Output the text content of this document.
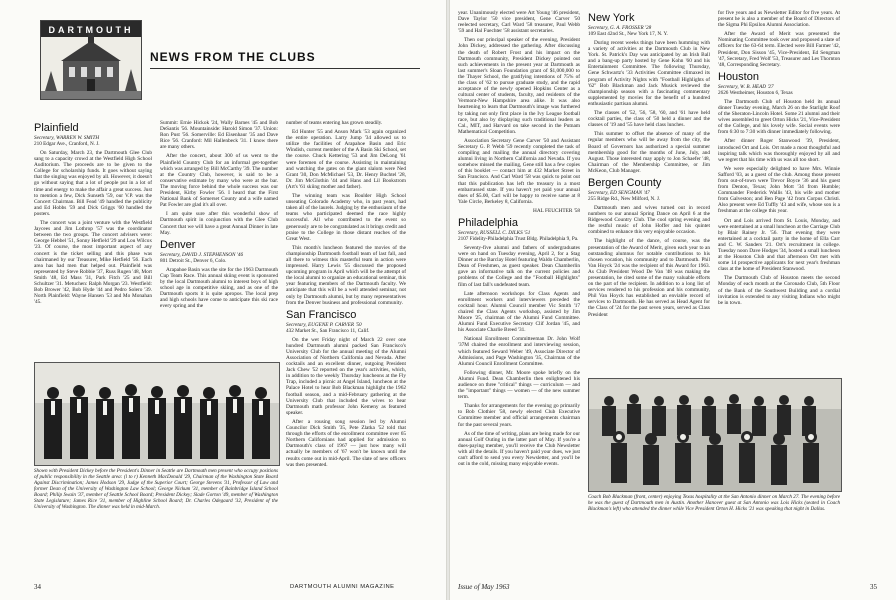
DARTMOUTH
NEWS FROM THE CLUBS
Plainfield
Secretary, WARREN W. SMITH
210 Edgar Ave., Cranford, N. J.

On Saturday, March 23, the Dartmouth Glee Club sang to a capacity crowd at the Westfield High School Auditorium. The proceeds are to be given to the College for scholarship funds. It goes without saying that the singing was enjoyed by all. However, it doesn't go without saying that a lot of people put in a lot of time and energy to make the affair a great success. Just to mention a few, Dick Sunseth '59, our V.P. was the Concert Chairman. Bill Fead '49 handled the publicity and Ed Hobbs '59 and Dick Griggs '60 handled the posters.

The concert was a joint venture with the Westfield Jaycees and Jim Lothrop '57 was the coordinator between the two groups. The concert advisers were: George Hebbel '51, Sonny Hetfield '29 and Lou Wilcox '23. Of course, the most important aspect of any concert is the ticket selling and this phase was chairmaned by our Treasurer, Mike Hetfield '56. Each area has had men that helped out. Plainfield was represented by Steve Robbie '37, Russ Rugen '48, Mort Smith '48, Ed Mass '31, Park Fitch '25 and Bill Schultzer '31. Metuchen: Ralph Morgan '23. Westfield: Bob Brower '42, Bob Hyde '44 and Pedro Solero '39. North Plainfield: Wayne Hansen '53 and Mo Monahan '45.

Summit: Ernie Hickok '24, Wally Barnes '45 and Bob DeSantis '56. Mountainside: Harold Simon '37. Union: Ron Pust '56. Somerville: Ed Eisenhaur '35 and Dave Rice '56. Cranford: Mil Hallenbeck '31. I know there are many others.

After the concert, about 300 of us went to the Plainfield Country Club for an informal get-together which was arranged by Bill McCarthy '39. The number at the Country Club, however, is said to be a conservative estimate by many who were at the bar. The moving force behind the whole success was our President, Kirby Fowler '56. I heard that the First National Bank of Somerset County and a wife named Pat Fowler are glad it's all over.

I am quite sure after this wonderful show of Dartmouth spirit in conjunction with the Glee Club Concert that we will have a great Annual Dinner in late May.

Denver
Secretary, DAVID J. STEPHENSON '46
801 Detroit St., Denver 6, Colo.

Arapahoe Basin was the site for the 1963 Dartmouth Cup Team Race. This annual skiing event is sponsored by the local Dartmouth alumni to interest boys of high school age in competitive skiing, and as one of the Dartmouth sports it is quite apropos. The local prep and high schools have come to anticipate this ski race every spring and the

number of teams entering has grown steadily.

Ed Hunter '55 and Anson Mark '53 again organized the entire operation. Larry Jump '34 allowed us to utilize the facilities of Arapahoe Basin and Eric Windish, current member of the A Basin Ski School, set the course. Chuck Kettering '53 and Jim DeLong '61 were foremen of the course. Assisting in maintaining and watching the gates on the giant slalom were Ned Grant '30, Don McMichael '53, Dr. Henry Buchtel '28, Dr. Jim McGlothin '44 and Hans and Lil Bookstrom (Art's '61 skiing mother and father).

The winning team was Boulder High School unseating Colorado Academy who, in past years, had taken all of the laurels. Judging by the enthusiasm of the teams who participated deemed the race highly successful. All who contributed to the event so generously are to be congratulated as it brings credit and praise to the College in those distant reaches of the Great West.

This month's luncheon featured the movies of the championship Dartmouth football team of last fall, and all there to witness this masterful team in action were impressed. Harry Lewis '55 discussed the proposed upcoming program in April which will be the attempt of the local alumni to organize an educational seminar, this year featuring members of the Dartmouth faculty. We anticipate that this will be a well attended seminar, not only by Dartmouth alumni, but by many representatives from the Denver business and professional community.

San Francisco
Secretary, EUGENE P. CARVER '50
432 Market St., San Francisco 11, Calif.

On the wet Friday night of March 22 over one hundred Dartmouth alumni packed San Francisco's University Club for the annual meeting of the Alumni Association of Northern California and Nevada. After cocktails and an excellent dinner, outgoing President Jack Chew '52 reported on the year's activities, which, in addition to the weekly Thursday luncheons at the Fly Trap, included a picnic at Angel Island, luncheon at the Palace Hotel to hear Bob Blackman highlight the 1962 football season, and a mid-February gathering at the University Club that included the wives to hear Dartmouth math professor John Kemeny as featured speaker.

After a rousing song session led by Alumni Councilor Dick Smith '35, Pete Zlatka '52 told that through the efforts of the enrollment committee over 65 Northern Californians had applied for admission to Dartmouth's class of 1967 — just how many will actually be members of '67 won't be known until the results come out in mid-April. The slate of new officers was then presented.

Shown with President Dickey before the President's Dinner in Seattle are Dartmouth men present who occupy positions of public responsibility in the Seattle area: (l to r) Kenneth MacDonald '29, Chairman of the Washington State Board Against Discrimination; James Hodson '29, Judge of the Superior Court; George Stevens '31, Professor of Law and former Dean of the University of Washington Law School; George Nickum '31, member of Bainbridge Island School Board; Philip Swain '37, member of Seattle School Board; President Dickey; Slade Gorton '49, member of Washington State Legislature; James Rice '31, member of Highline School Board; Dr. Charles Odegaard '32, President of the University of Washington. The dinner was held in mid-March.
34	DARTMOUTH ALUMNI MAGAZINE

year. Unanimously elected were Art Young '46 president, Dave Taylor '50 vice president, Gene Carver '50 reelected secretary, Carl Ward '58 treasurer, Paul Webb '59 and Hal Fuechter '58 assistant secretaries.

Then our principal speaker of the evening, President John Dickey, addressed the gathering. After discussing the death of Robert Frost and his impact on the Dartmouth community, President Dickey pointed out such achievements in the present year at Dartmouth as last summer's Sloan Foundation grant of $1,000,000 to the Thayer School, the gratifying intentions of 75% of the class of '62 to pursue graduate study, and the rapid acceptance of the newly opened Hopkins Center as a cultural center of students, faculty, and residents of the Vermont-New Hampshire area alike. It was also heartening to learn that Dartmouth's image was furthered by taking not only first place in the Ivy League football race, but also by displaying such traditional leaders as Cal., MIT, and Harvard on take second in the Putnam Mathematical Competition.

Association Secretary Gene Carver '50 and Assistant Secretary G. P. Webb '59 recently completed the task of compiling and mailing the annual directory covering alumni living in Northern California and Nevada. If you somehow missed the mailing, Gene still has a few copies of this booklet — contact him at 432 Market Street in San Francisco. And Carl Ward '58 was quick to point out that this publication has left the treasury in a most embarrassed state. If you haven't yet paid your annual dues of $5.00, Carl will be happy to receive same at 8 Yale Circle, Berkeley 8, California.

HAL FEUCHTER '58

Philadelphia
Secretary, RUSSELL C. DILKS '51
2107 Fidelity-Philadelphia Trust Bldg. Philadelphia 9, Pa.

Seventy-five alumni and fathers of undergraduates were on hand on Tuesday evening, April 2, for a Stag Dinner at the Barclay Hotel featuring Waldo Chamberlin, Dean of Freshmen, as guest speaker. Dean Chamberlin gave an informative talk on the current policies and problems of the College and the "Football Highlights" film of last fall's undefeated team.

Late afternoon workshops for Class Agents and enrollment workers and interviewers preceded the cocktail hour. Alumni Council member Vic Smith '17 chaired the Class Agents workshop, assisted by Jim Moore '25, chairman of the Alumni Fund Committee. Alumni Fund Executive Secretary Clif Jordan '45, and his Associate Charlie Breed '31.

National Enrollment Committeeman Dr. John Wolf '37M chaired the enrollment and interviewing session, which featured Seward Weber '49, Associate Director of Admissions, and Page Washington '35, Chairman of the Alumni Council Enrollment Committee.

Following dinner, Mr. Moore spoke briefly on the Alumni Fund. Dean Chamberlin then enlightened his audience on three "critical" things — curriculum — and the "important" things — women — of the new summer term.

Thanks for arrangements for the evening go primarily to Bob Clothier '58, newly elected Club Executive Committee member and official arrangements chairman for the past several years.

As of the time of writing, plans are being made for our annual Golf Outing in the latter part of May. If you're a dues-paying member, you'll receive the Club Newsletter with all the details. If you haven't paid your dues, we just can't afford to send you every Newsletter, and you'll be out in the cold, missing many enjoyable events.

New York
Secretary, G. A. FROSSER '28
109 East 42nd St., New York 17, N. Y.

During recent weeks things have been humming with a variety of activities at the Dartmouth Club in New York. St. Patrick's Day was anticipated by an Irish Ball and a bang-up party hosted by Gene Kohn '60 and his Entertainment Committee. The following Thursday, Gene Schwartz's '33 Activities Committee climaxed its program of Activity Nights with "Football Highlights of '62" Bob Blackman and Jack Musick reviewed the championship season with a fascinating commentary supplemented by movies for the benefit of a hundred enthusiastic partisan alumni.

The classes of '52, '56, '58, '60, and '61 have held cocktail parties, the class of '50 held a dinner and the classes of '19 and '55 have held class lunches.

This summer to offset the absence of many of the regular members who will be away from the city, the Board of Governors has authorized a special summer membership good for the months of June, July, and August. Those interested may apply to Jon Schaefer '48, Chairman of the Membership Committee, or Jim McKeon, Club Manager.

Bergen County
Secretary, ED SENGMAN '47
255 Ridge Rd., New Milford, N. J.

Dartmouth men and wives turned out in record numbers to our annual Spring Dance on April 6 at the Ridgewood Country Club. The cool spring evening and the restful music of John Hoffer and his quintet combined to enhance this very enjoyable occasion.

The highlight of the dance, of course, was the presentation of the Award of Merit, given each year to an outstanding alumnus for notable contributions to his chosen vocation, his community and to Dartmouth. Phil Van Hoyck '24 was the recipient of this Award for 1963. As Club President Wood De Van '48 was making the presentation, he cited some of the many valuable efforts on the part of the recipient. In addition to a long list of services rendered to his profession and his community, Phil Van Hoyck has established an enviable record of services to Dartmouth. He has served as Head Agent for the Class of '24 for the past seven years, served as Class President

for five years and as Newsletter Editor for five years. At present he is also a member of the Board of Directors of the Sigma Phi Epsilon Alumni Association.

After the Award of Merit was presented the Nominating Committee took over and proposed a slate of officers for the 63-64 term. Elected were Bill Farmer '42, President, Don Sisson '45, Vice-President, Ed Sengman '47, Secretary, Fred Wolf '53, Treasurer and Les Thornton '48, Corresponding Secretary.

Houston
Secretary, W. B. HEAD '27
2626 Westheimer, Houston 6, Texas

The Dartmouth Club of Houston held its annual dinner Tuesday evening, March 26 on the Starlight Roof of the Sheraton-Lincoln Hotel. Some 21 alumni and their wives assembled to greet Orton Hicks '21, Vice-President of the College, and his lovely wife. Social events were from 6:30 to 7:30 with dinner immediately following.

After dinner Roger Stanwood '39, President, introduced Ort and Lois. Ort made a most thoughtful and inspiring talk which was thoroughly enjoyed by all and we regret that his time with us was all too short.

We were especially delighted to have Mrs. Winnie Safford '03, as a guest of the club. Among those present from out-of-town were Trevor Boyce '36 and his guest from Denton, Texas; John Mott '34 from Humble; Commander Frederick Wallis '43, his wife and mother from Galveston; and Ben Page '42 from Corpus Christi. Also present were Ed Tuffly '43 and wife, whose son is a freshman at the college this year.

Ort and Lois arrived from St. Louis, Monday, and were entertained at a small luncheon at the Carriage Club by Blair Rainey Jr. '56. That evening they were entertained at a cocktail party in the home of Ella Carr and C. W. Sanders '21. Ort's recruitment in college. Tuesday noon Dave Hodges '34, hosted a small luncheon at the Houston Club and that afternoon Ort met with some 14 prospective applicants for next year's freshman class at the home of President Stanwood.

The Dartmouth Club of Houston meets the second Monday of each month at the Coronado Club, 5th Floor of the Bank of the Southwest Building and a cordial invitation is extended to any visiting Indians who might be in town.

Coach Bob Blackman (front, center) enjoying Texas hospitality at the San Antonio dinner on March 27. The evening before he was the guest of Dartmouth men in Austin. Another Hanover guest at San Antonio was Lois Hicks (seated in Coach Blackman's left) who attended the dinner while Vice President Orton H. Hicks '21 was speaking that night in Dallas.
Issue of May 1963	35
